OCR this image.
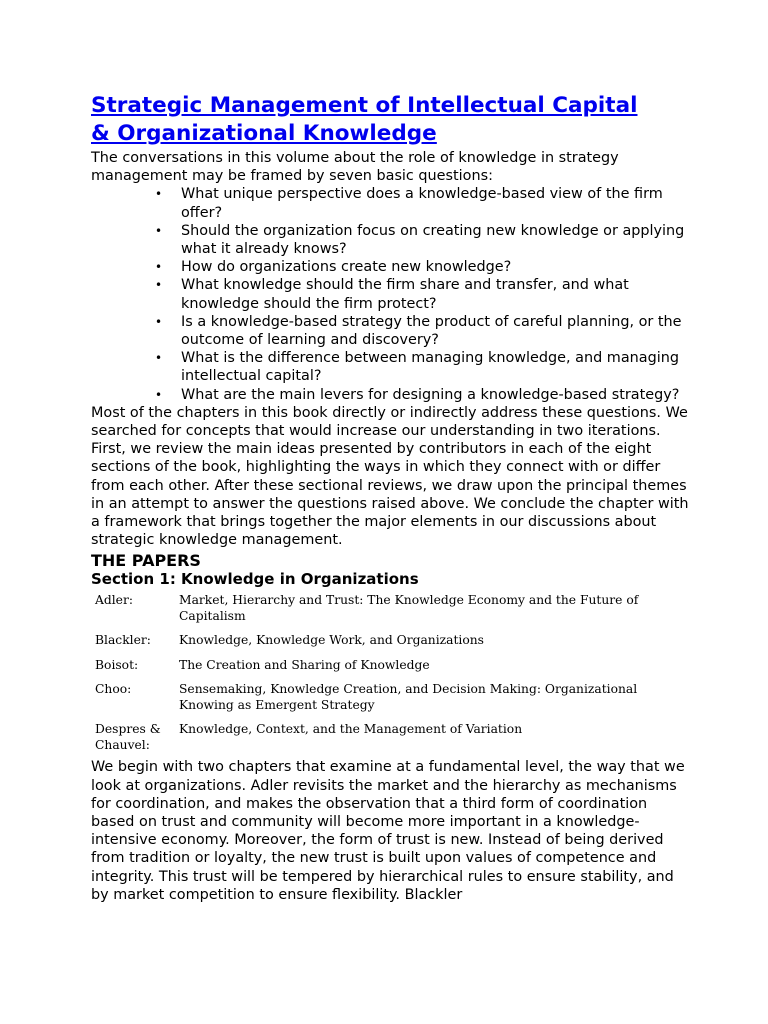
Strategic Management of Intellectual Capital
& Organizational Knowledge

The conversations in this volume about the role of knowledge in strategy management may be framed by seven basic questions:

• What unique perspective does a knowledge-based view of the firm offer?
• Should the organization focus on creating new knowledge or applying what it already knows?
• How do organizations create new knowledge?
• What knowledge should the firm share and transfer, and what knowledge should the firm protect?
• Is a knowledge-based strategy the product of careful planning, or the outcome of learning and discovery?
• What is the difference between managing knowledge, and managing intellectual capital?
• What are the main levers for designing a knowledge-based strategy?

Most of the chapters in this book directly or indirectly address these questions. We searched for concepts that would increase our understanding in two iterations. First, we review the main ideas presented by contributors in each of the eight sections of the book, highlighting the ways in which they connect with or differ from each other. After these sectional reviews, we draw upon the principal themes in an attempt to answer the questions raised above. We conclude the chapter with a framework that brings together the major elements in our discussions about strategic knowledge management.

THE PAPERS
Section 1: Knowledge in Organizations
Adler:	Market, Hierarchy and Trust: The Knowledge Economy and the Future of Capitalism
Blackler:	Knowledge, Knowledge Work, and Organizations
Boisot:	The Creation and Sharing of Knowledge
Choo:	Sensemaking, Knowledge Creation, and Decision Making: Organizational Knowing as Emergent Strategy
Despres & Chauvel:	Knowledge, Context, and the Management of Variation

We begin with two chapters that examine at a fundamental level, the way that we look at organizations. Adler revisits the market and the hierarchy as mechanisms for coordination, and makes the observation that a third form of coordination based on trust and community will become more important in a knowledge-intensive economy. Moreover, the form of trust is new. Instead of being derived from tradition or loyalty, the new trust is built upon values of competence and integrity. This trust will be tempered by hierarchical rules to ensure stability, and by market competition to ensure flexibility. Blackler
